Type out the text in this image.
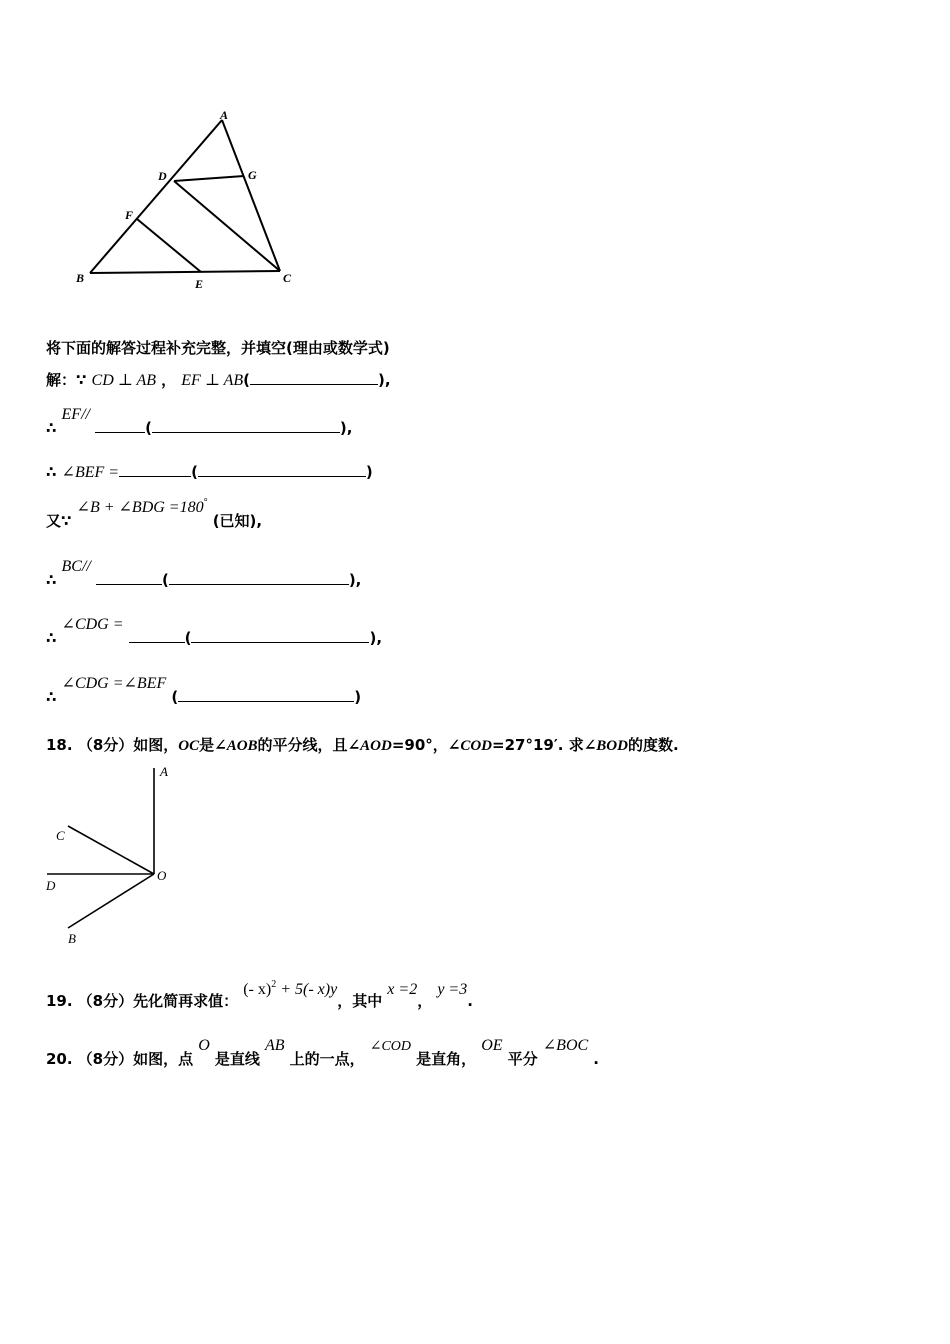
A
D	G
F
B	E	C
将下面的解答过程补充完整，并填空(理由或数学式)
解：∵ CD ⊥ AB ， EF ⊥ AB(	),
∴ EF// (	),
∴ ∠BEF =	(	)
又∵ ∠B + ∠BDG =180° (已知),
∴ BC// (	),
∴ ∠CDG = (	),
∴ ∠CDG =∠BEF (	)
18. （8分）如图，OC是∠AOB的平分线，且∠AOD=90°，∠COD=27°19′. 求∠BOD的度数.
A
C
D
O
B
19. （8分）先化简再求值： (- x)$^2$ + 5(- x)y，其中 x =2， y =3.
20. （8分）如图，点 O 是直线 AB 上的一点， ∠COD 是直角， OE 平分 ∠BOC .
